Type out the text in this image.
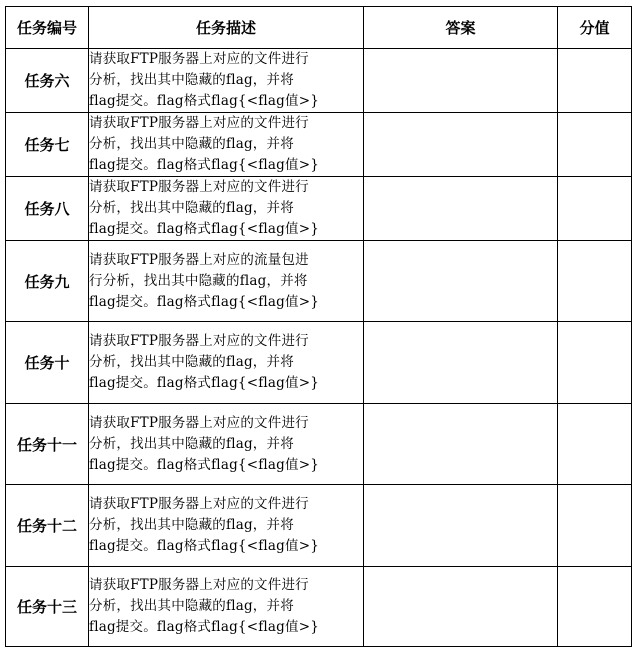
任务编号	任务描述	答案	分值
任务六	请获取FTP服务器上对应的文件进行
分析，找出其中隐藏的flag，并将
flag提交。flag格式flag{<flag值>}		

任务七	请获取FTP服务器上对应的文件进行
分析，找出其中隐藏的flag，并将
flag提交。flag格式flag{<flag值>}		

任务八	请获取FTP服务器上对应的文件进行
分析，找出其中隐藏的flag，并将
flag提交。flag格式flag{<flag值>}		

任务九	请获取FTP服务器上对应的流量包进
行分析，找出其中隐藏的flag，并将
flag提交。flag格式flag{<flag值>}		

任务十	请获取FTP服务器上对应的文件进行
分析，找出其中隐藏的flag，并将
flag提交。flag格式flag{<flag值>}		

任务十一	请获取FTP服务器上对应的文件进行
分析，找出其中隐藏的flag，并将
flag提交。flag格式flag{<flag值>}		

任务十二	请获取FTP服务器上对应的文件进行
分析，找出其中隐藏的flag，并将
flag提交。flag格式flag{<flag值>}		

任务十三	请获取FTP服务器上对应的文件进行
分析，找出其中隐藏的flag，并将
flag提交。flag格式flag{<flag值>}		
